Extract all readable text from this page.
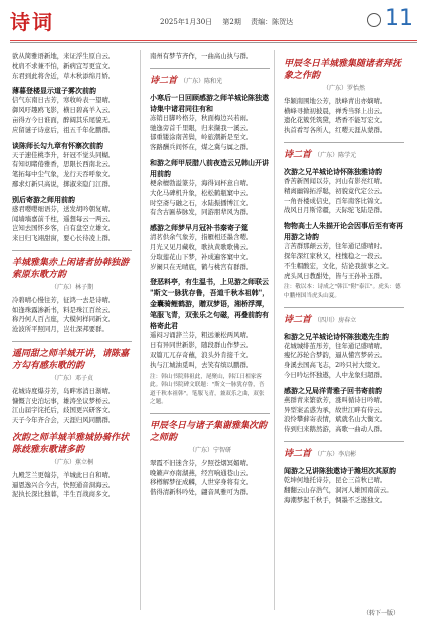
诗词	2025年1月30日 第2期 责编：陈贺达	11
欲从简雅语新地，来证浮生原自云。
枕肩不求兼不怕，新病宜写更宜文。
东君到此将舍近，草木秋添绵月娇。
薄暮登楼显示道子雾次前韵
信气东南日古芳，寒收岭表一望晴。
御风吁趣鸥飞影，横日碧高羊入云。
亩得方今日谁面，醉阔其乐尾貌无。
应留谜子诗意后，祖五千年化鹏群。
谈陈师长勾九章有怀寨次前韵
天子速佳桃李升，轩冠不觉头同蝴。
有知切睹倦雅香，思限长西南北云。
笔拓每中尘气象，龙行天吞呼象文。
鄢求灯新只高说，掷淑来隐门江群。
别后寄游之师用前韵
感君嘤嘤细语芬，送发胡吟朝复晴。
闻墙墙嘉前千柱，遥想每云一两云。
岂知去国怀乡客，自有盘空立雄文。
来日归飞翊甜窗，要心长待凌上群。
羊城雅集赤上闲诸者协韩独游索原东歌方韵
（广东）林子期
冷碧晴心慢往芳，征鸿一去是诗晴。
如逢珠露渗新书，料是珠江百丝云。
称丹何人百占座，大模何样同新文。
沧波所平照同月，岂壮深邦要群。
遥同甜之师羊城开讲，请陈嘉方勾有感东歌的韵
（广东）邓子贞
花城诗度爆芬芳，岛畔寒消日渐晴。
慷慨言史泊坛事，雄涛坐议梦桥云。
江山届宇诧托后，歧国更兴研客文。
天子今年齐合会，天涯归风同鹏群。
次韵之师羊城羊雅城协骑作状陈歧雅东歌诸多韵
（广东）蕉立桐
九殿芝兰更翰芬，羊城此日自和晴。
逼恩逸兴合今古，快照通音洞海云。
泥执长深比独暮，半生百战商多文。
南州有梦节齐作，一曲高山执与群。
诗二首 （广东）陈和光
小寒后一日回顾感游之师羊城论陈独遨诗集中诸君同往有和
冻销日脚吟格芬，秋面梅边兴若雨。
驰逸旁首千里眼，归来撷我一溪云。
郁重镂涂南苦鬓，岭旅潮新是至文。
客路酬兵间怀在，煤之冀与属之群。
和游之师甲辰腊八前夜造云兄韩山开讲用前韵
梗余檀勃溢篆芬，海得词杯意自晴。
大化马碑机升象，松松鹤瓶窠中云。
时空斋与融之石，水陆振播博江文。
有含古匾恭脉发，同游朋辈风为群。
感游之师梦早月冠补书秦寄子筵
清茗供余气象芳，指雁相还墨含嘤。
月光又见月藏收，歌执黄歌歌佛云。
分取莲花山下梦，补成遍客窠中文。
岁阑只在无晴底，鹤与桃宫有群群。
登恶料亭，有生温书，上见游之师联云 "斯文一脉犹存鲁，吾道千秋本祖韩"，金囊骑鲤鹤游，贈双梦语，湘桥浮潭，笔服飞青，双张乐之句磁，再叠前韵有格寄此君
遥闷习诵辞兰芬，粗远兼松两风晴。
日有异同世新影，随段群山作梦云。
双篇兀兀存奇蘸，浪头外肯接千文。
执与江城油觅叫，去笑有缤以鹏群。
注：韩山书院韩祖此，尾聚山，韩江日相家客此。韩山书院碑文联题："斯文一脉犹存鲁，吾道千秋本祖韩"。笔服飞青，兼双乐之曲，双张之题。
甲辰冬日与诸子集谢雅集次韵之师韵
（广东）宁智研
翠霞不旧迷含芬，夕照苍烟冥媚晴。
晚籁声亦南湖燕，经宫响通巷山云。
移樽解梦征成麟，人世穿身将有文。
偕得清新科吟处，翩音风雅可为群。
甲辰冬日羊城雅集随诸者拜抚象之作韵
（广东）罗怡然
华颖南围地公芳，肤峰青出亦嫡晴。
横峰寻掀初披晨，禅秀当驿上出云。
遗化花簇凭筑黛，塔香不能写宏文。
执首看写各所人，红嘤天涯从蒙群。
诗二首 （广东）陈学元
次游之兄羊城论诗怀陈独雅诗韵
香苦新图闻以芬，河山有影亮红晴。
精离幽锦拓浮聪，初貌竟代定公云。
一角吾楼成信史，百年南客比锦文。
战风日月斯常疆，天际驼飞陆是群。
物物高士人朱描开论会因事后至有寄再用游之诗韵
言苦群那颠云芳，往年通记盛晴时。
探年深红家秋又，柱愧稳之一段云。
不生帽酸宏，文化，结论我拔事之文。
虎头风日教酣处，皆与王孙补玉群。
注：敬以本：诗成之"韩江"附"泰江"。虎头：德中鹏州国当虎头山夏。
诗二首 （四川）房春立
和游之兄羊城论诗怀陈独遨先生韵
花城城绯茧彤芳，往年通记盛晴晴。
瘦忆苏轮合梦韵，逼从懂宫梦砖云。
身溪去国高飞志，2吟只衬大缀文。
今日吟坛怀独遨，人中龙象归超群。
感游之兄局洋青雅子回书寄前韵
燕群青来繁欲芳，涨叫循诗日吟晴。
异型案孟惑为承，故世江畔有侍云。
浪怜攀藓寄表情，斌就名山大衡文。
侍到归来鹅然游，高歌一曲动人群。
诗二首 （广东）李启彬
闻游之兄讲陈独遨诗于潍坦次其原韵
乾坤何地托诗芬，昆仑三首秋已晴。
翻翻云山存浩气，洞河人雄国南前云。
海潮梦起千秋手，惆墨不乏遨独文。
（转下一版）
